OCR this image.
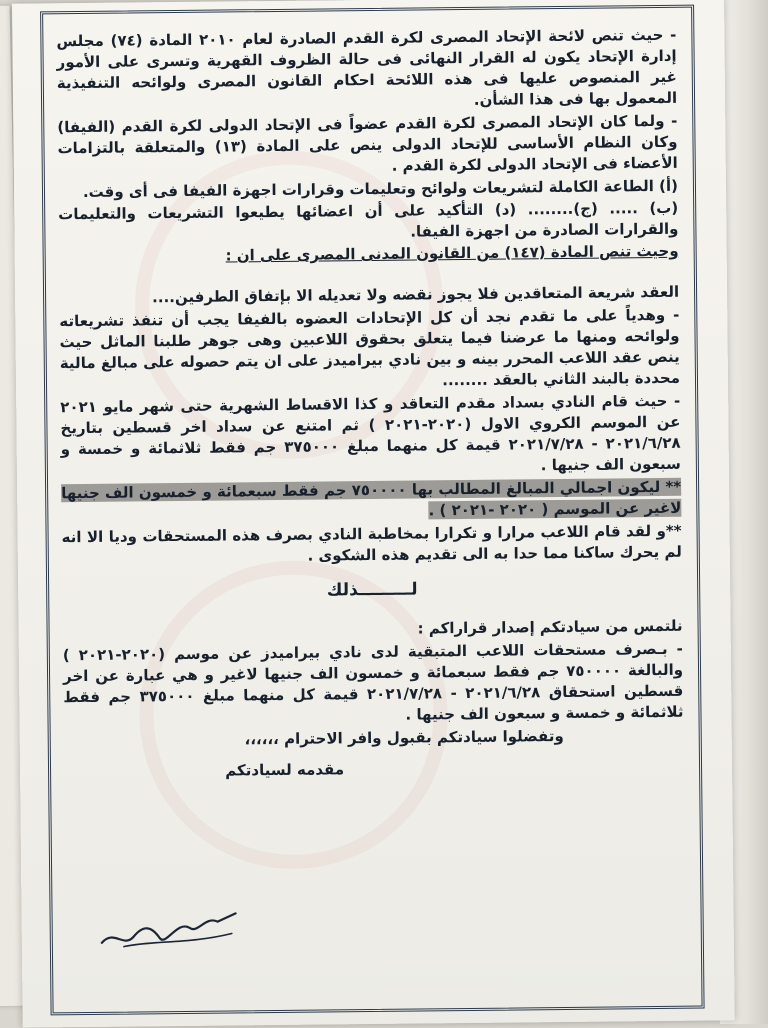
- حيث تنص لائحة الإتحاد المصرى لكرة القدم الصادرة لعام ٢٠١٠ المادة (٧٤) مجلس إدارة الإتحاد يكون له القرار النهائى فى حالة الظروف القهرية وتسرى على الأمور غير المنصوص عليها فى هذه اللائحة احكام القانون المصرى ولوائحه التنفيذية المعمول بها فى هذا الشأن.

- ولما كان الإتحاد المصرى لكرة القدم عضواً فى الإتحاد الدولى لكرة القدم (الفيفا) وكان النظام الأساسى للإتحاد الدولى ينص على المادة (١٣) والمتعلقة بالتزامات الأعضاء فى الإتحاد الدولى لكرة القدم .

(أ) الطاعة الكاملة لتشريعات ولوائح وتعليمات وقرارات اجهزة الفيفا فى أى وقت.

(ب) ..... (ج)........ (د) التأكيد على أن اعضائها يطيعوا التشريعات والتعليمات والقرارات الصادرة من اجهزة الفيفا.

وحيث تنص المادة (١٤٧) من القانون المدنى المصرى على ان :

العقد شريعة المتعاقدين فلا يجوز نقضه ولا تعديله الا بإتفاق الطرفين....

- وهدياً على ما تقدم نجد أن كل الإتحادات العضوه بالفيفا يجب أن تنفذ تشريعاته ولوائحه ومنها ما عرضنا فيما يتعلق بحقوق اللاعبين وهى جوهر طلبنا الماثل حيث ينص عقد اللاعب المحرر بينه و بين نادي بيراميدز على ان يتم حصوله على مبالغ مالية محددة بالبند الثاني بالعقد ........

- حيث قام النادي بسداد مقدم التعاقد و كذا الاقساط الشهرية حتى شهر مايو ٢٠٢١ عن الموسم الكروي الاول (٢٠٢٠-٢٠٢١ ) ثم امتنع عن سداد اخر قسطين بتاريخ ٢٠٢١/٦/٢٨ - ٢٠٢١/٧/٢٨ قيمة كل منهما مبلغ ٣٧٥٠٠٠ جم فقط ثلاثمائة و خمسة و سبعون الف جنيها .

** ليكون اجمالي المبالغ المطالب بها ٧٥٠٠٠٠ جم فقط سبعمائة و خمسون الف جنيها لاغير عن الموسم ( ٢٠٢٠ -٢٠٢١ ) .

**و لقد قام اللاعب مرارا و تكرارا بمخاطبة النادي بصرف هذه المستحقات وديا الا انه لم يحرك ساكنا مما حدا به الى تقديم هذه الشكوى .

لـــــــــذلك

نلتمس من سيادتكم إصدار قراراكم :

- بـصرف مستحقات اللاعب المتبقية لدى نادي بيراميدز عن موسم (٢٠٢٠-٢٠٢١ ) والبالغة ٧٥٠٠٠٠ جم فقط سبعمائة و خمسون الف جنيها لاغير و هي عبارة عن اخر قسطين استحقاق ٢٠٢١/٦/٢٨ - ٢٠٢١/٧/٢٨ قيمة كل منهما مبلغ ٣٧٥٠٠٠ جم فقط ثلاثمائة و خمسة و سبعون الف جنيها .

وتفضلوا سيادتكم بقبول وافر الاحترام ،،،،،،

مقدمه لسيادتكم
